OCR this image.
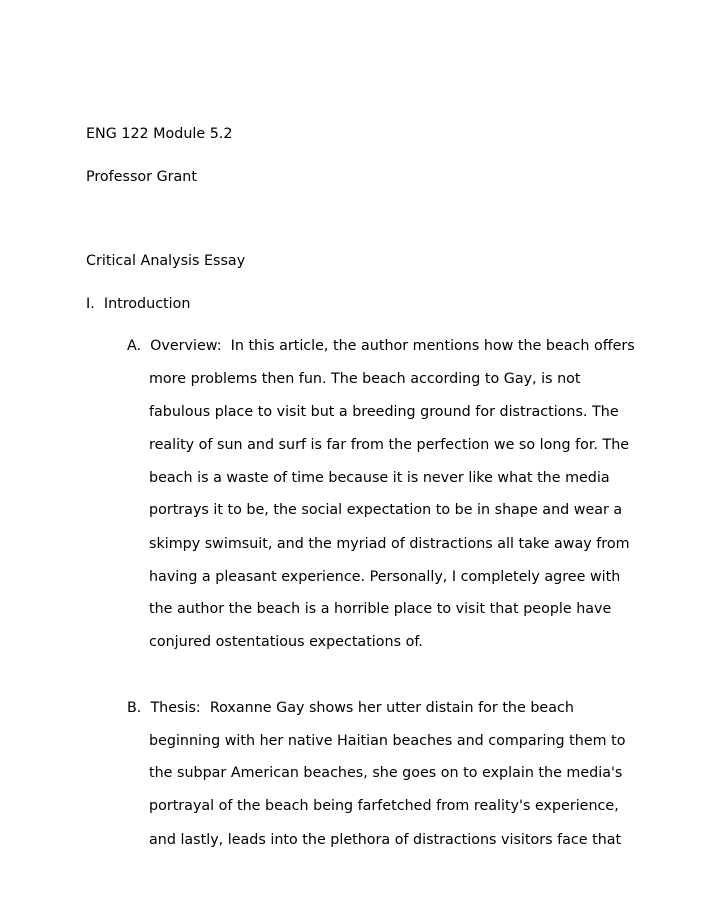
ENG 122 Module 5.2
Professor Grant
Critical Analysis Essay
I. Introduction
A. Overview: In this article, the author mentions how the beach offers
more problems then fun. The beach according to Gay, is not
fabulous place to visit but a breeding ground for distractions. The
reality of sun and surf is far from the perfection we so long for. The
beach is a waste of time because it is never like what the media
portrays it to be, the social expectation to be in shape and wear a
skimpy swimsuit, and the myriad of distractions all take away from
having a pleasant experience. Personally, I completely agree with
the author the beach is a horrible place to visit that people have
conjured ostentatious expectations of.
B. Thesis: Roxanne Gay shows her utter distain for the beach
beginning with her native Haitian beaches and comparing them to
the subpar American beaches, she goes on to explain the media's
portrayal of the beach being farfetched from reality's experience,
and lastly, leads into the plethora of distractions visitors face that
